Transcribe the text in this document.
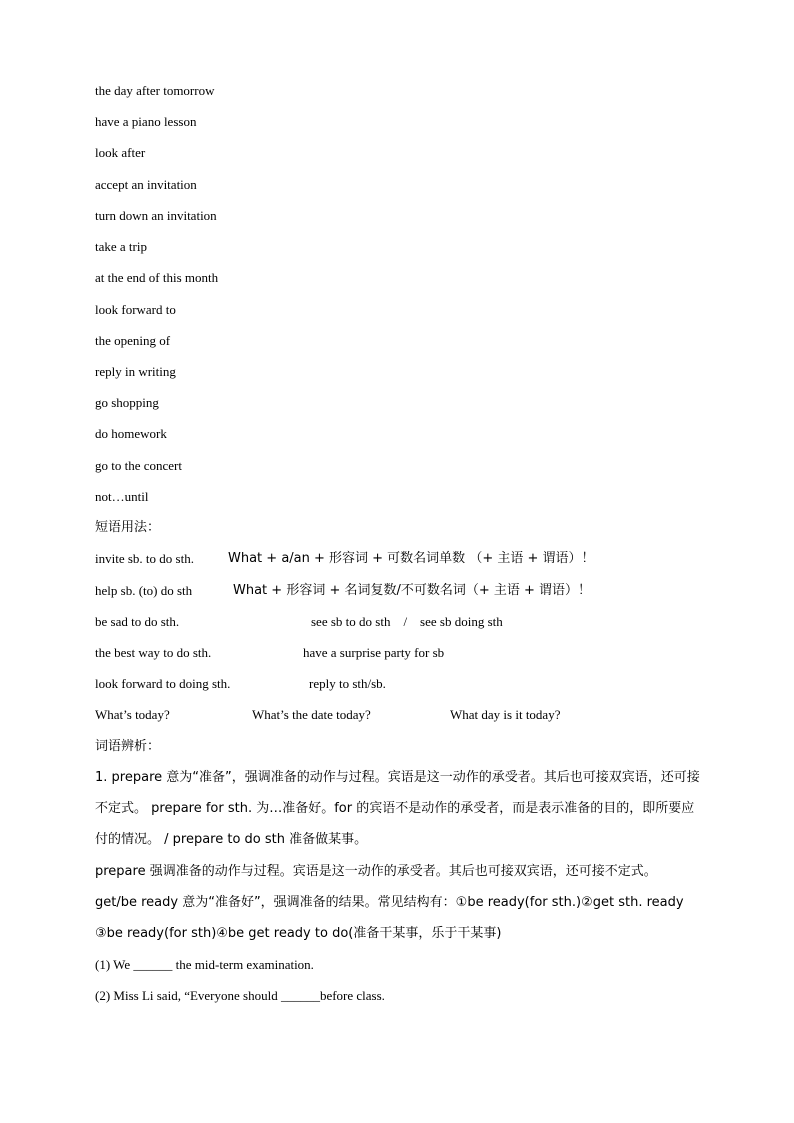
the day after tomorrow
have a piano lesson
look after
accept an invitation
turn down an invitation
take a trip
at the end of this month
look forward to
the opening of
reply in writing
go shopping
do homework
go to the concert
not…until
短语用法：
invite sb. to do sth.	What + a/an + 形容词 + 可数名词单数 （+ 主语 + 谓语）！
help sb. (to) do sth	What + 形容词 + 名词复数/不可数名词（+ 主语 + 谓语）！
be sad to do sth.	see sb to do sth　/　see sb doing sth
the best way to do sth.	have a surprise party for sb
look forward to doing sth.	reply to sth/sb.
What’s today?	What’s the date today?	What day is it today?
词语辨析：
1. prepare 意为“准备”，强调准备的动作与过程。宾语是这一动作的承受者。其后也可接双宾语，还可接不定式。 prepare for sth. 为…准备好。for 的宾语不是动作的承受者，而是表示准备的目的，即所要应付的情况。 / prepare to do sth 准备做某事。
prepare 强调准备的动作与过程。宾语是这一动作的承受者。其后也可接双宾语，还可接不定式。
get/be ready 意为“准备好”，强调准备的结果。常见结构有：①be ready(for sth.)②get sth. ready ③be ready(for sth)④be get ready to do(准备干某事，乐于干某事)
(1) We ______ the mid-term examination.
(2) Miss Li said, “Everyone should ______before class.
